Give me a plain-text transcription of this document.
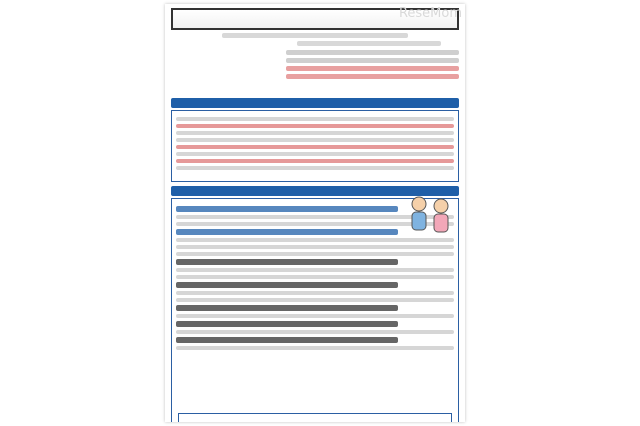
ReseMom
